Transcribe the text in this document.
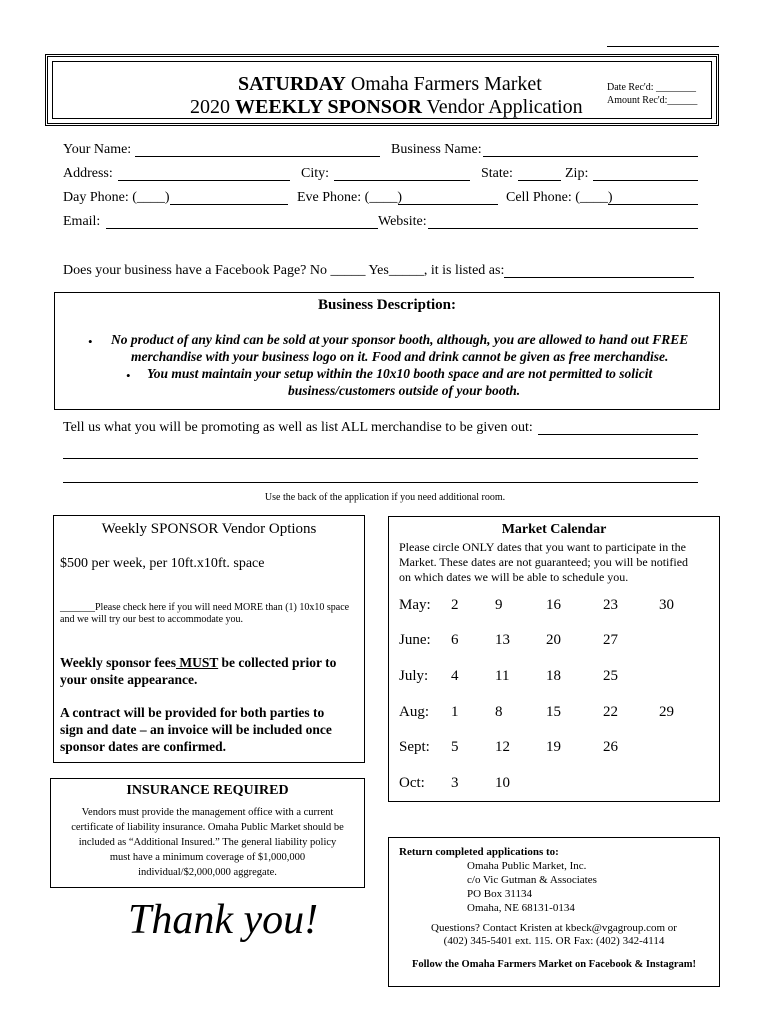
SATURDAY Omaha Farmers Market
2020 WEEKLY SPONSOR Vendor Application
Date Rec'd: ________
Amount Rec'd:______
Your Name:	Business Name:
Address:	City:	State:	Zip:
Day Phone: (____)	Eve Phone: (____)	Cell Phone: (____)
Email:	Website:
Does your business have a Facebook Page? No _____ Yes_____, it is listed as:
Business Description:
• No product of any kind can be sold at your sponsor booth, although, you are allowed to hand out FREE
merchandise with your business logo on it. Food and drink cannot be given as free merchandise.
• You must maintain your setup within the 10x10 booth space and are not permitted to solicit
business/customers outside of your booth.
Tell us what you will be promoting as well as list ALL merchandise to be given out:
Use the back of the application if you need additional room.
Weekly SPONSOR Vendor Options
$500 per week, per 10ft.x10ft. space
_______Please check here if you will need MORE than (1) 10x10 space
and we will try our best to accommodate you.
Weekly sponsor fees MUST be collected prior to
your onsite appearance.
A contract will be provided for both parties to
sign and date – an invoice will be included once
sponsor dates are confirmed.
INSURANCE REQUIRED
Vendors must provide the management office with a current
certificate of liability insurance. Omaha Public Market should be
included as “Additional Insured.” The general liability policy
must have a minimum coverage of $1,000,000
individual/$2,000,000 aggregate.
Thank you!
Market Calendar
Please circle ONLY dates that you want to participate in the
Market. These dates are not guaranteed; you will be notified
on which dates we will be able to schedule you.
May: 2 9	16	23	30
June: 6 13 20	27
July: 4 11 18	25
Aug: 1 8	15	22	29
Sept: 5 12 19	26
Oct: 3 10
Return completed applications to:
Omaha Public Market, Inc.
c/o Vic Gutman & Associates
PO Box 31134
Omaha, NE 68131-0134
Questions? Contact Kristen at kbeck@vgagroup.com or
(402) 345-5401 ext. 115. OR Fax: (402) 342-4114
Follow the Omaha Farmers Market on Facebook & Instagram!
